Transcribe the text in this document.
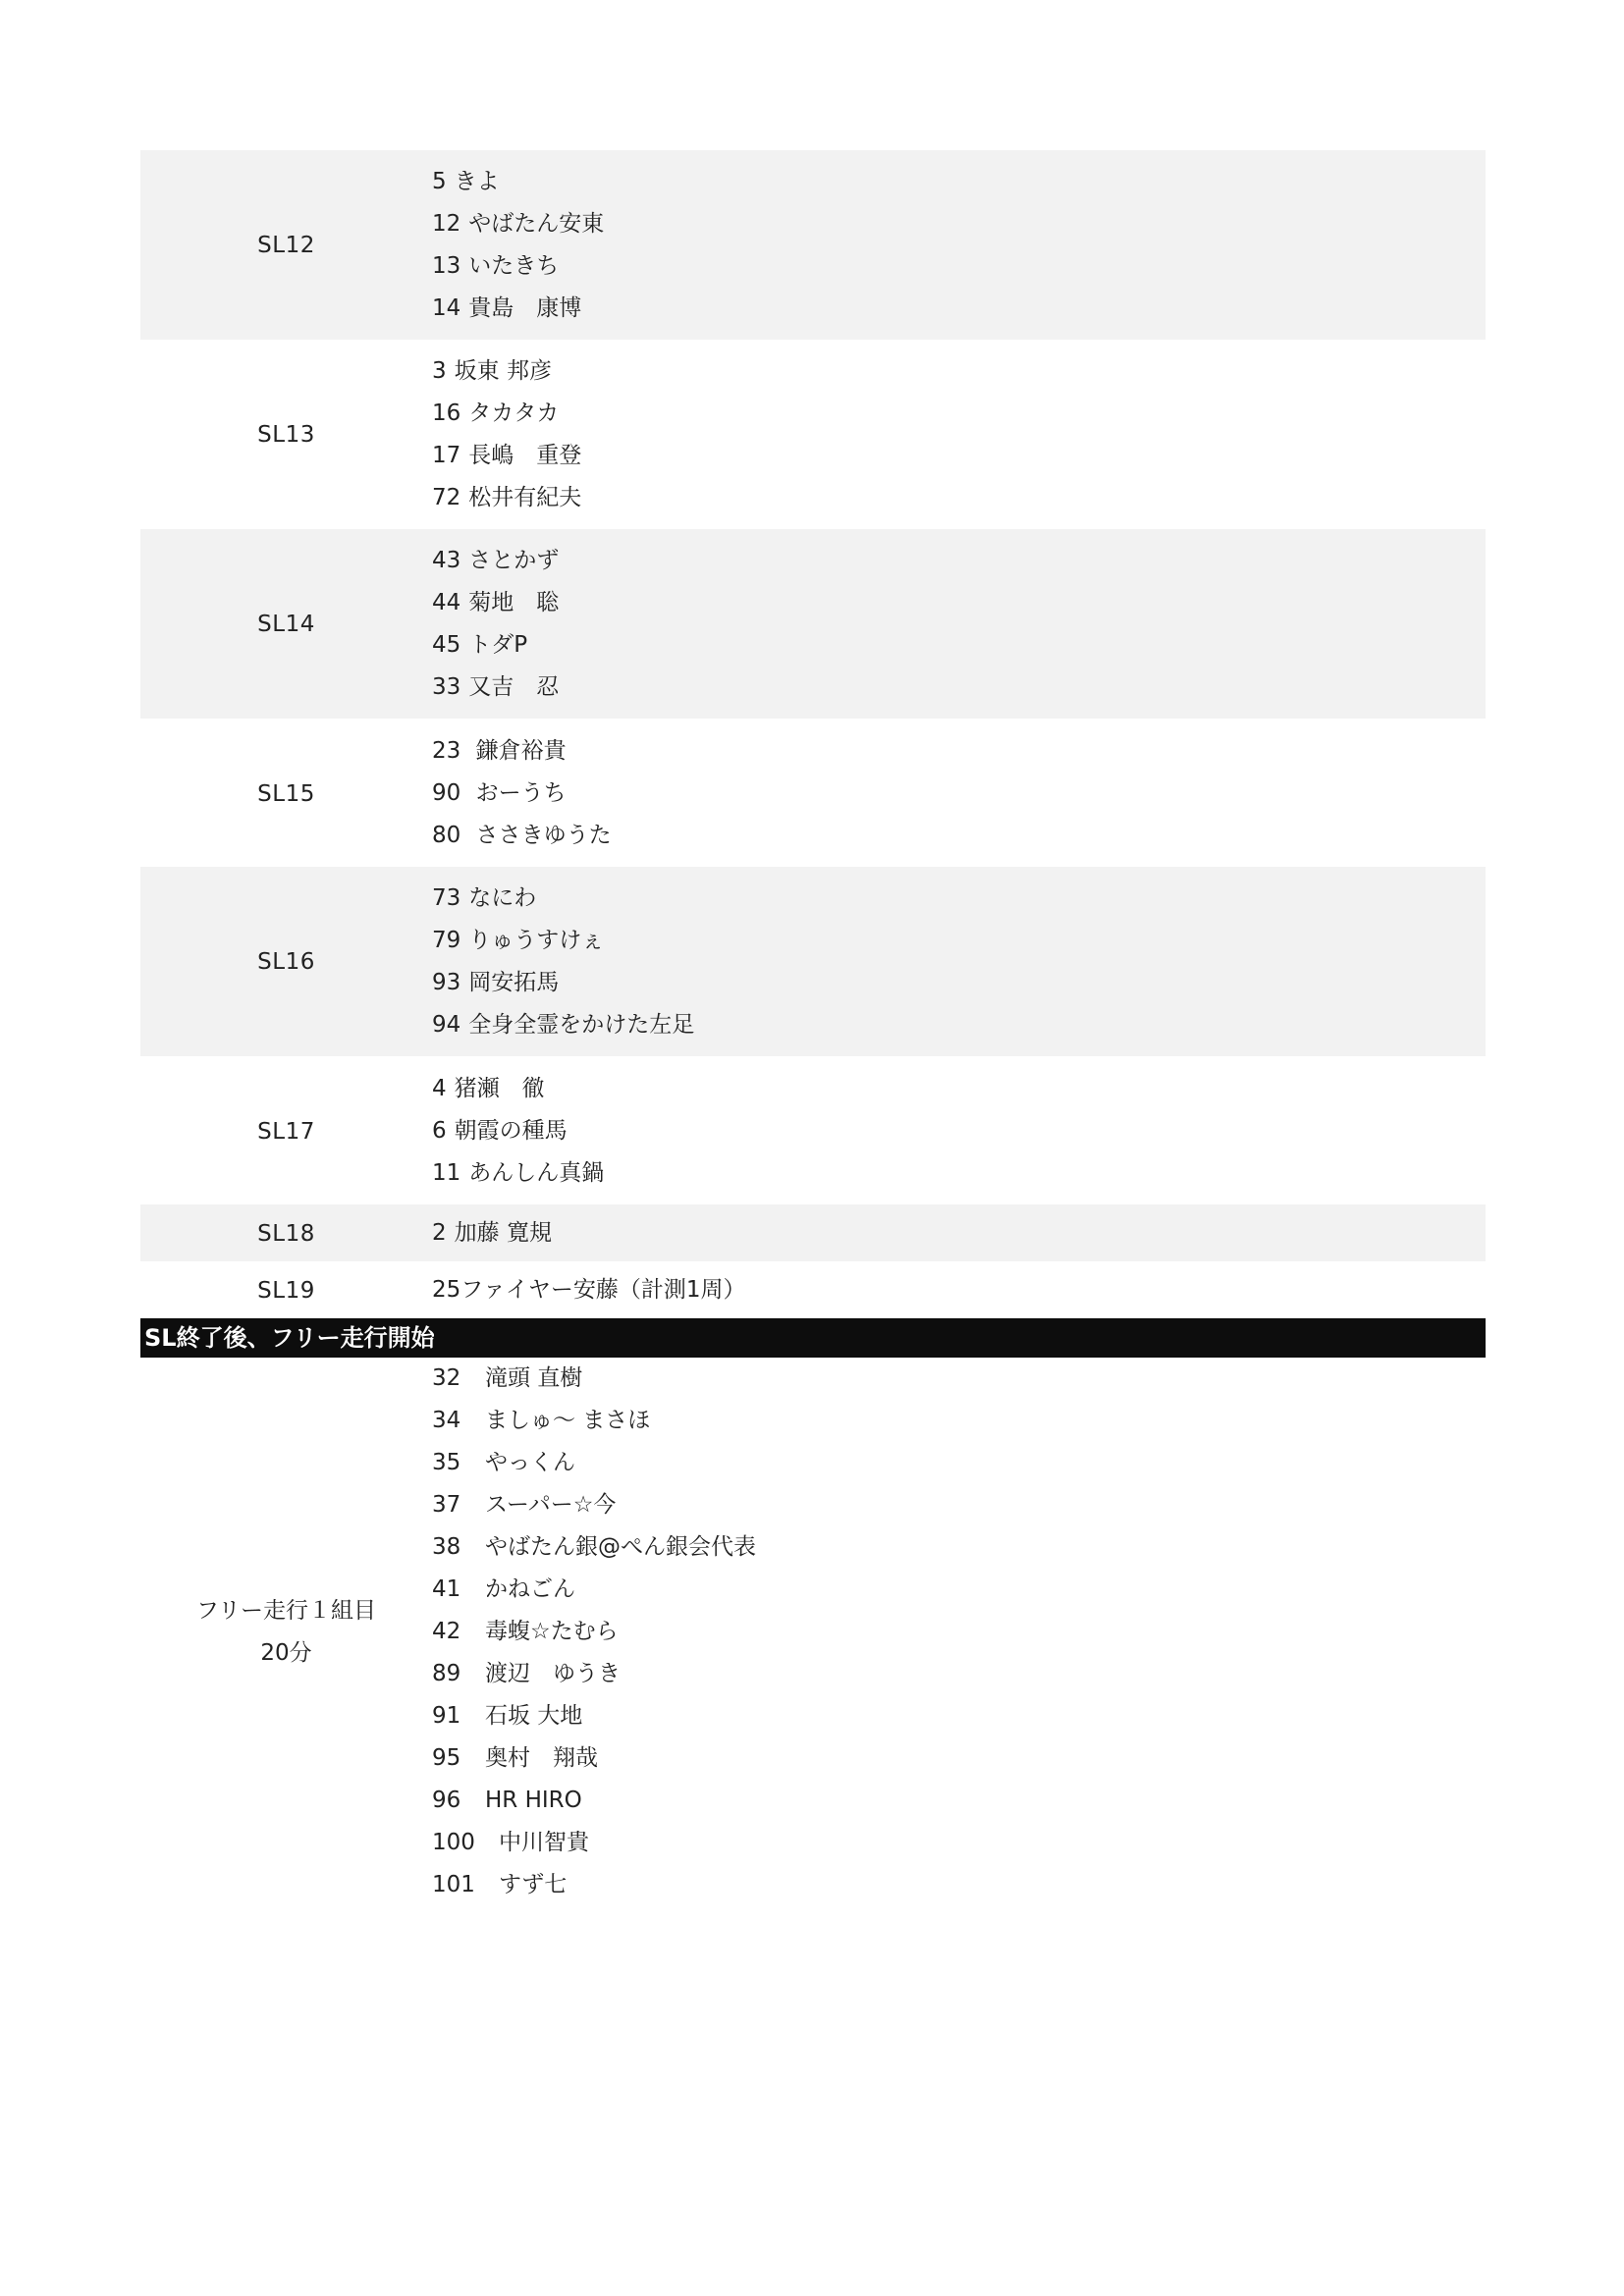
SL12
5 きよ
12 やばたん安東
13 いたきち
14 貴島　康博
SL13
3 坂東 邦彦
16 タカタカ
17 長嶋　重登
72 松井有紀夫
SL14
43 さとかず
44 菊地　聡
45 トダP
33 又吉　忍
SL15
23 鎌倉裕貴
90 おーうち
80 ささきゆうた
SL16
73 なにわ
79 りゅうすけぇ
93 岡安拓馬
94 全身全霊をかけた左足
SL17
4 猪瀬　徹
6 朝霞の種馬
11 あんしん真鍋
SL18	2 加藤 寛規
SL19	25ファイヤー安藤（計測1周）
SL終了後、フリー走行開始
フリー走行１組目
20分
32 滝頭 直樹
34 ましゅ～ まさほ
35 やっくん
37 スーパー☆今
38 やばたん銀@ぺん銀会代表
41 かねごん
42 毒蝮☆たむら
89 渡辺　ゆうき
91 石坂 大地
95 奥村　翔哉
96 HR HIRO
100 中川智貴
101 すず七
